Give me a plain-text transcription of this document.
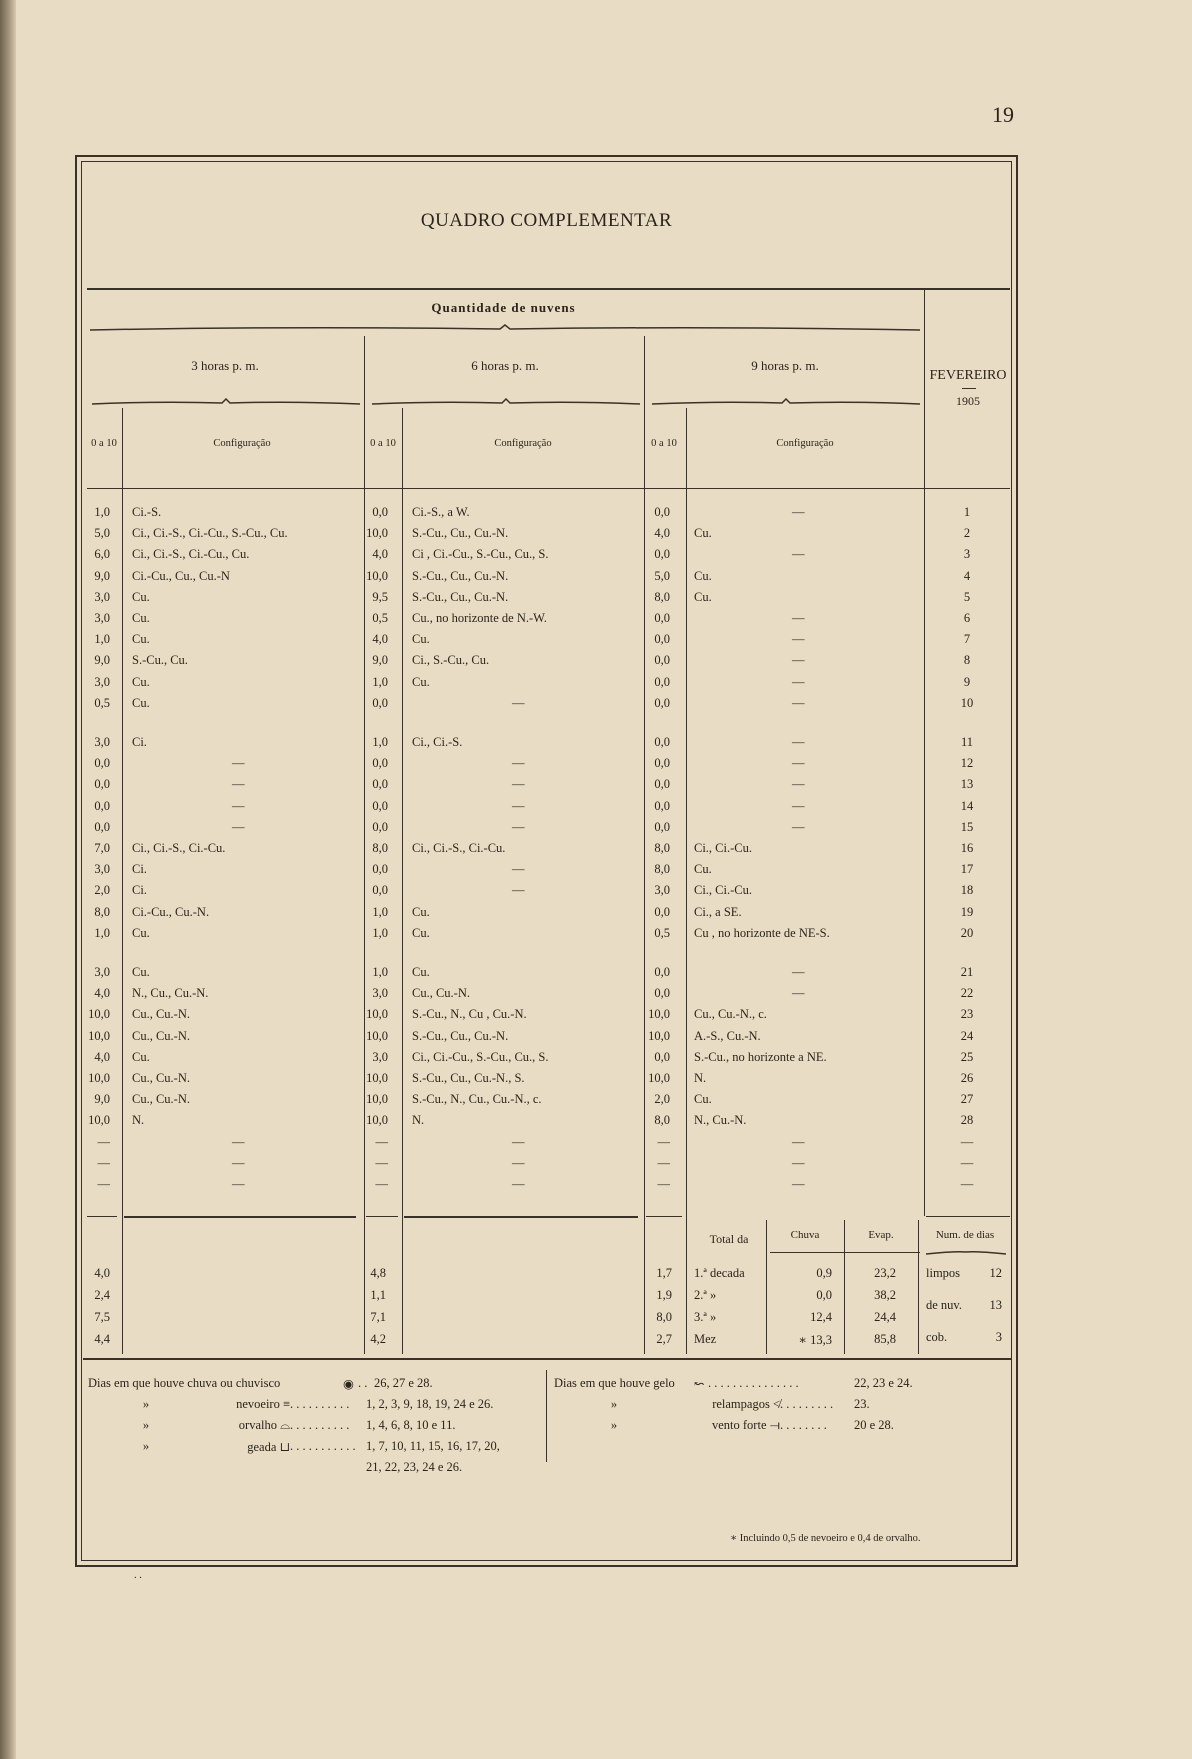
19
QUADRO COMPLEMENTAR
Quantidade de nuvens
3 horas p. m.	6 horas p. m.	9 horas p. m.
FEVEREIRO
1905
0 a 10	Configuração	0 a 10	Configuração	0 a 10	Configuração
1,0 Ci.-S.	0,0 Ci.-S., a W.	0,0	—	1
5,0 Ci., Ci.-S., Ci.-Cu., S.-Cu., Cu.	10,0 S.-Cu., Cu., Cu.-N.	4,0 Cu.	2
6,0 Ci., Ci.-S., Ci.-Cu., Cu.	4,0 Ci , Ci.-Cu., S.-Cu., Cu., S.	0,0	—	3
9,0 Ci.-Cu., Cu., Cu.-N	10,0 S.-Cu., Cu., Cu.-N.	5,0 Cu.	4
3,0 Cu.	9,5 S.-Cu., Cu., Cu.-N.	8,0 Cu.	5
3,0 Cu.	0,5 Cu., no horizonte de N.-W.	0,0	—	6
1,0 Cu.	4,0 Cu.	0,0	—	7
9,0 S.-Cu., Cu.	9,0 Ci., S.-Cu., Cu.	0,0	—	8
3,0 Cu.	1,0 Cu.	0,0	—	9
0,5 Cu.	0,0	—	0,0	—	10
3,0 Ci.	1,0 Ci., Ci.-S.	0,0	—	11
0,0	—	0,0	—	0,0	—	12
0,0	—	0,0	—	0,0	—	13
0,0	—	0,0	—	0,0	—	14
0,0	—	0,0	—	0,0	—	15
7,0 Ci., Ci.-S., Ci.-Cu.	8,0 Ci., Ci.-S., Ci.-Cu.	8,0 Ci., Ci.-Cu.	16
3,0 Ci.	0,0	—	8,0 Cu.	17
2,0 Ci.	0,0	—	3,0 Ci., Ci.-Cu.	18
8,0 Ci.-Cu., Cu.-N.	1,0 Cu.	0,0 Ci., a SE.	19
1,0 Cu.	1,0 Cu.	0,5 Cu , no horizonte de NE-S.	20
3,0 Cu.	1,0 Cu.	0,0	—	21
4,0 N., Cu., Cu.-N.	3,0 Cu., Cu.-N.	0,0	—	22
10,0 Cu., Cu.-N.	10,0 S.-Cu., N., Cu , Cu.-N.	10,0 Cu., Cu.-N., c.	23
10,0 Cu., Cu.-N.	10,0 S.-Cu., Cu., Cu.-N.	10,0 A.-S., Cu.-N.	24
4,0 Cu.	3,0 Ci., Ci.-Cu., S.-Cu., Cu., S.	0,0 S.-Cu., no horizonte a NE.	25
10,0 Cu., Cu.-N.	10,0 S.-Cu., Cu., Cu.-N., S.	10,0 N.	26
9,0 Cu., Cu.-N.	10,0 S.-Cu., N., Cu., Cu.-N., c.	2,0 Cu.	27
10,0 N.	10,0 N.	8,0 N., Cu.-N.	28
—	—	—	—	—	—	—
—	—	—	—	—	—	—
—	—	—	—	—	—	—
Total da	Chuva	Evap.	Num. de dias
4,0	4,8	1,7 1.ª decada	0,9	23,2
2,4	1,1	1,9 2.ª »	0,0	38,2
7,5	7,1	8,0 3.ª »	12,4	24,4
4,4	4,2	2,7 Mez	∗ 13,3	85,8
limpos	12
de nuv.	13
cob.	3
Dias em que houve chuva ou chuvisco	◉ . . 26, 27 e 28.
»	nevoeiro ≡ . . . . . . . . . . 1, 2, 3, 9, 18, 19, 24 e 26.
»	orvalho ⌓ . . . . . . . . . . 1, 4, 6, 8, 10 e 11.
»	geada ⊔ . . . . . . . . . . . 1, 7, 10, 11, 15, 16, 17, 20,
21, 22, 23, 24 e 26.
Dias em que houve gelo ↜ . . . . . . . . . . . . . . .	22, 23 e 24.
»	relampagos ≮ . . . . . . . . . 23.
»	vento forte ⟞ . . . . . . . . 20 e 28.
∗ Incluindo 0,5 de nevoeiro e 0,4 de orvalho.
. .
